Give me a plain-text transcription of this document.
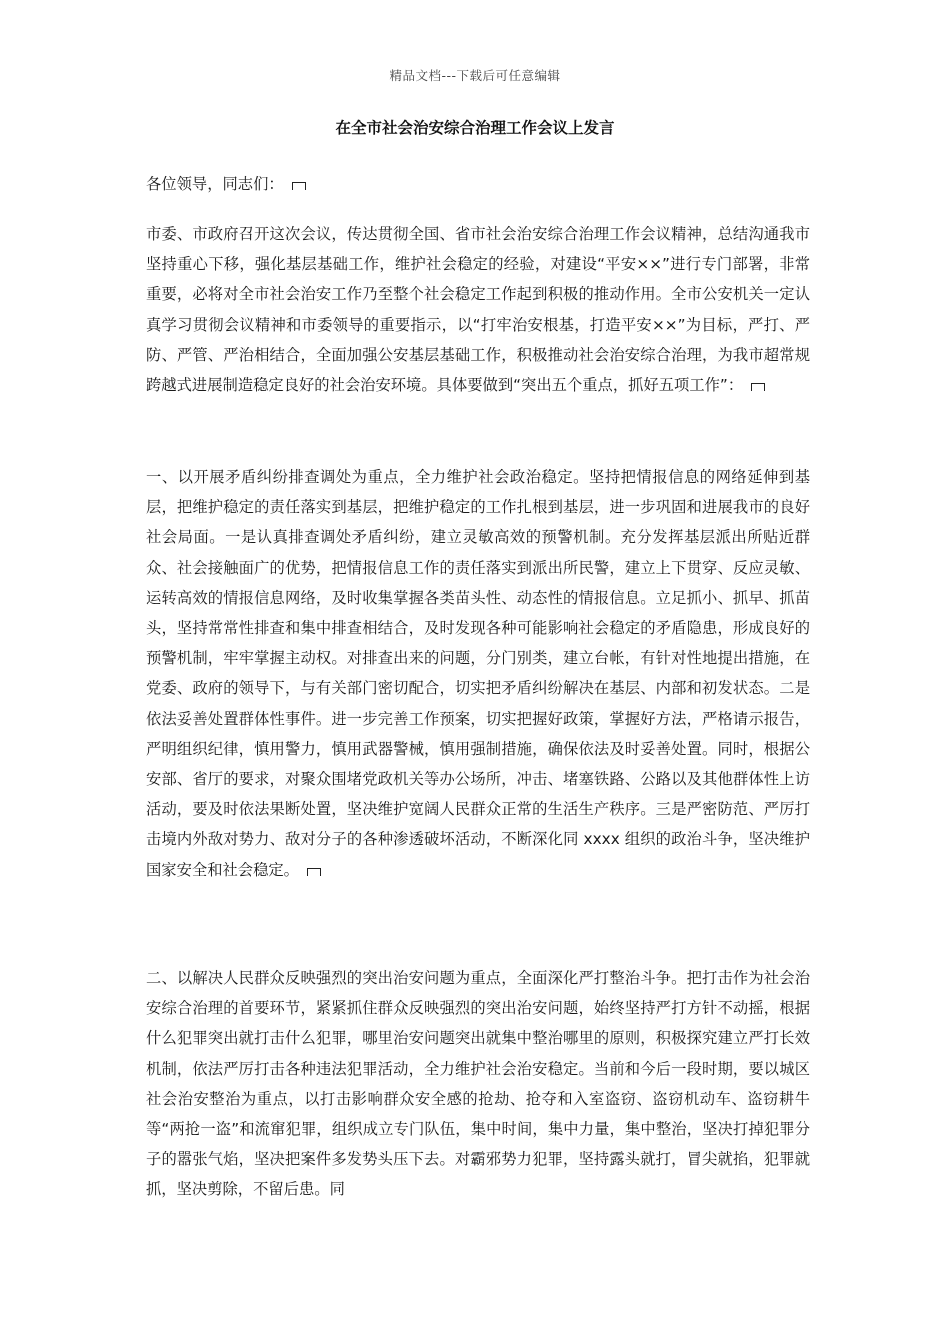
精品文档---下载后可任意编辑
在全市社会治安综合治理工作会议上发言

各位领导，同志们：

市委、市政府召开这次会议，传达贯彻全国、省市社会治安综合治理工作会议精神，总结沟通我市坚持重心下移，强化基层基础工作，维护社会稳定的经验，对建设“平安××”进行专门部署，非常重要，必将对全市社会治安工作乃至整个社会稳定工作起到积极的推动作用。全市公安机关一定认真学习贯彻会议精神和市委领导的重要指示，以“打牢治安根基，打造平安××”为目标，严打、严防、严管、严治相结合，全面加强公安基层基础工作，积极推动社会治安综合治理，为我市超常规跨越式进展制造稳定良好的社会治安环境。具体要做到“突出五个重点，抓好五项工作”：

一、以开展矛盾纠纷排查调处为重点，全力维护社会政治稳定。坚持把情报信息的网络延伸到基层，把维护稳定的责任落实到基层，把维护稳定的工作扎根到基层，进一步巩固和进展我市的良好社会局面。一是认真排查调处矛盾纠纷，建立灵敏高效的预警机制。充分发挥基层派出所贴近群众、社会接触面广的优势，把情报信息工作的责任落实到派出所民警，建立上下贯穿、反应灵敏、运转高效的情报信息网络，及时收集掌握各类苗头性、动态性的情报信息。立足抓小、抓早、抓苗头，坚持常常性排查和集中排查相结合，及时发现各种可能影响社会稳定的矛盾隐患，形成良好的预警机制，牢牢掌握主动权。对排查出来的问题，分门别类，建立台帐，有针对性地提出措施，在党委、政府的领导下，与有关部门密切配合，切实把矛盾纠纷解决在基层、内部和初发状态。二是依法妥善处置群体性事件。进一步完善工作预案，切实把握好政策，掌握好方法，严格请示报告，严明组织纪律，慎用警力，慎用武器警械，慎用强制措施，确保依法及时妥善处置。同时，根据公安部、省厅的要求，对聚众围堵党政机关等办公场所，冲击、堵塞铁路、公路以及其他群体性上访活动，要及时依法果断处置，坚决维护宽阔人民群众正常的生活生产秩序。三是严密防范、严厉打击境内外敌对势力、敌对分子的各种渗透破坏活动，不断深化同 xxxx 组织的政治斗争，坚决维护国家安全和社会稳定。

二、以解决人民群众反映强烈的突出治安问题为重点，全面深化严打整治斗争。把打击作为社会治安综合治理的首要环节，紧紧抓住群众反映强烈的突出治安问题，始终坚持严打方针不动摇，根据什么犯罪突出就打击什么犯罪，哪里治安问题突出就集中整治哪里的原则，积极探究建立严打长效机制，依法严厉打击各种违法犯罪活动，全力维护社会治安稳定。当前和今后一段时期，要以城区社会治安整治为重点，以打击影响群众安全感的抢劫、抢夺和入室盗窃、盗窃机动车、盗窃耕牛等“两抢一盗”和流窜犯罪，组织成立专门队伍，集中时间，集中力量，集中整治，坚决打掉犯罪分子的嚣张气焰，坚决把案件多发势头压下去。对霸邪势力犯罪，坚持露头就打，冒尖就掐，犯罪就抓，坚决剪除，不留后患。同
